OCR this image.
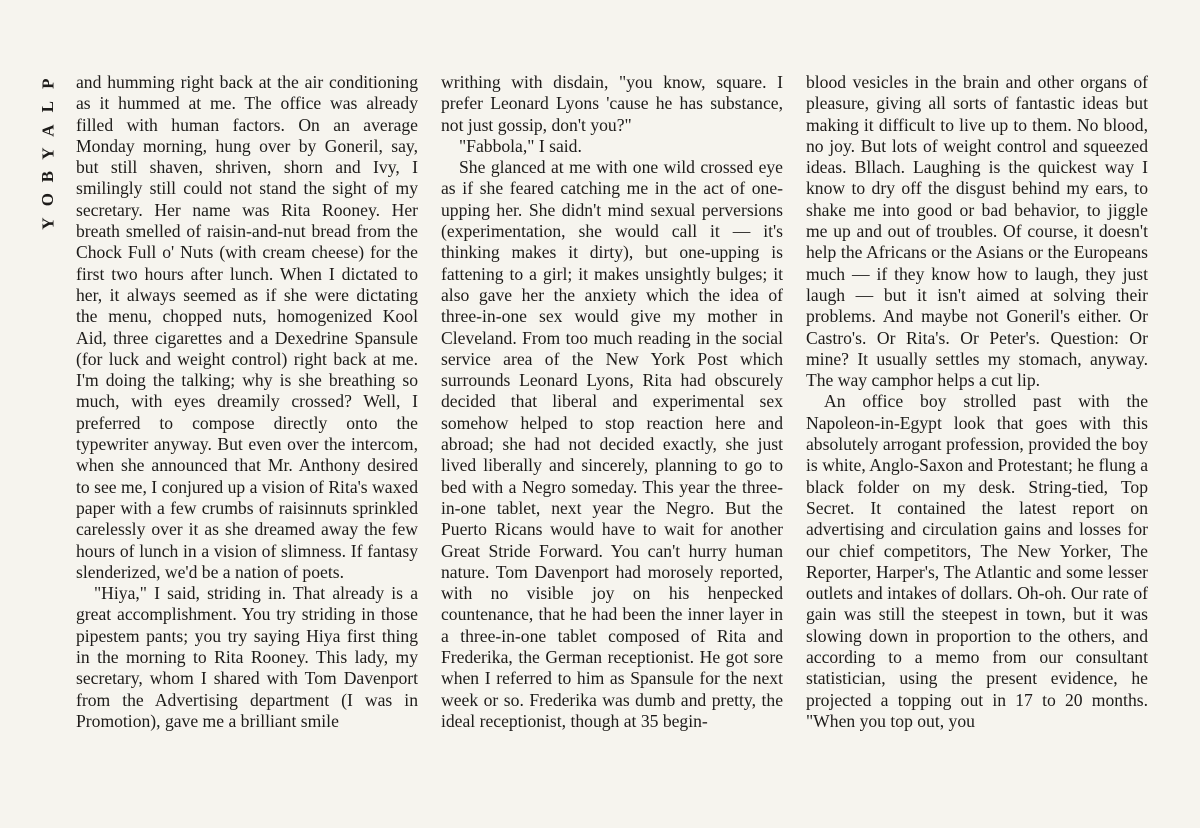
P
L
A
Y
B
O
Y

and humming right back at the air conditioning as it hummed at me. The office was already filled with human factors. On an average Monday morning, hung over by Goneril, say, but still shaven, shriven, shorn and Ivy, I smilingly still could not stand the sight of my secretary. Her name was Rita Rooney. Her breath smelled of raisin-and-nut bread from the Chock Full o' Nuts (with cream cheese) for the first two hours after lunch. When I dictated to her, it always seemed as if she were dictating the menu, chopped nuts, homogenized Kool Aid, three cigarettes and a Dexedrine Spansule (for luck and weight control) right back at me. I'm doing the talking; why is she breathing so much, with eyes dreamily crossed? Well, I preferred to compose directly onto the typewriter anyway. But even over the intercom, when she announced that Mr. Anthony desired to see me, I conjured up a vision of Rita's waxed paper with a few crumbs of raisinnuts sprinkled carelessly over it as she dreamed away the few hours of lunch in a vision of slimness. If fantasy slenderized, we'd be a nation of poets.

"Hiya," I said, striding in. That already is a great accomplishment. You try striding in those pipestem pants; you try saying Hiya first thing in the morning to Rita Rooney. This lady, my secretary, whom I shared with Tom Davenport from the Advertising department (I was in Promotion), gave me a brilliant smile

writhing with disdain, "you know, square. I prefer Leonard Lyons 'cause he has substance, not just gossip, don't you?"

"Fabbola," I said.

She glanced at me with one wild crossed eye as if she feared catching me in the act of one-upping her. She didn't mind sexual perversions (experimentation, she would call it — it's thinking makes it dirty), but one-upping is fattening to a girl; it makes unsightly bulges; it also gave her the anxiety which the idea of three-in-one sex would give my mother in Cleveland. From too much reading in the social service area of the New York Post which surrounds Leonard Lyons, Rita had obscurely decided that liberal and experimental sex somehow helped to stop reaction here and abroad; she had not decided exactly, she just lived liberally and sincerely, planning to go to bed with a Negro someday. This year the three-in-one tablet, next year the Negro. But the Puerto Ricans would have to wait for another Great Stride Forward. You can't hurry human nature. Tom Davenport had morosely reported, with no visible joy on his henpecked countenance, that he had been the inner layer in a three-in-one tablet composed of Rita and Frederika, the German receptionist. He got sore when I referred to him as Spansule for the next week or so. Frederika was dumb and pretty, the ideal receptionist, though at 35 begin-

blood vesicles in the brain and other organs of pleasure, giving all sorts of fantastic ideas but making it difficult to live up to them. No blood, no joy. But lots of weight control and squeezed ideas. Bllach. Laughing is the quickest way I know to dry off the disgust behind my ears, to shake me into good or bad behavior, to jiggle me up and out of troubles. Of course, it doesn't help the Africans or the Asians or the Europeans much — if they know how to laugh, they just laugh — but it isn't aimed at solving their problems. And maybe not Goneril's either. Or Castro's. Or Rita's. Or Peter's. Question: Or mine? It usually settles my stomach, anyway. The way camphor helps a cut lip.

An office boy strolled past with the Napoleon-in-Egypt look that goes with this absolutely arrogant profession, provided the boy is white, Anglo-Saxon and Protestant; he flung a black folder on my desk. String-tied, Top Secret. It contained the latest report on advertising and circulation gains and losses for our chief competitors, The New Yorker, The Reporter, Harper's, The Atlantic and some lesser outlets and intakes of dollars. Oh-oh. Our rate of gain was still the steepest in town, but it was slowing down in proportion to the others, and according to a memo from our consultant statistician, using the present evidence, he projected a topping out in 17 to 20 months. "When you top out, you
